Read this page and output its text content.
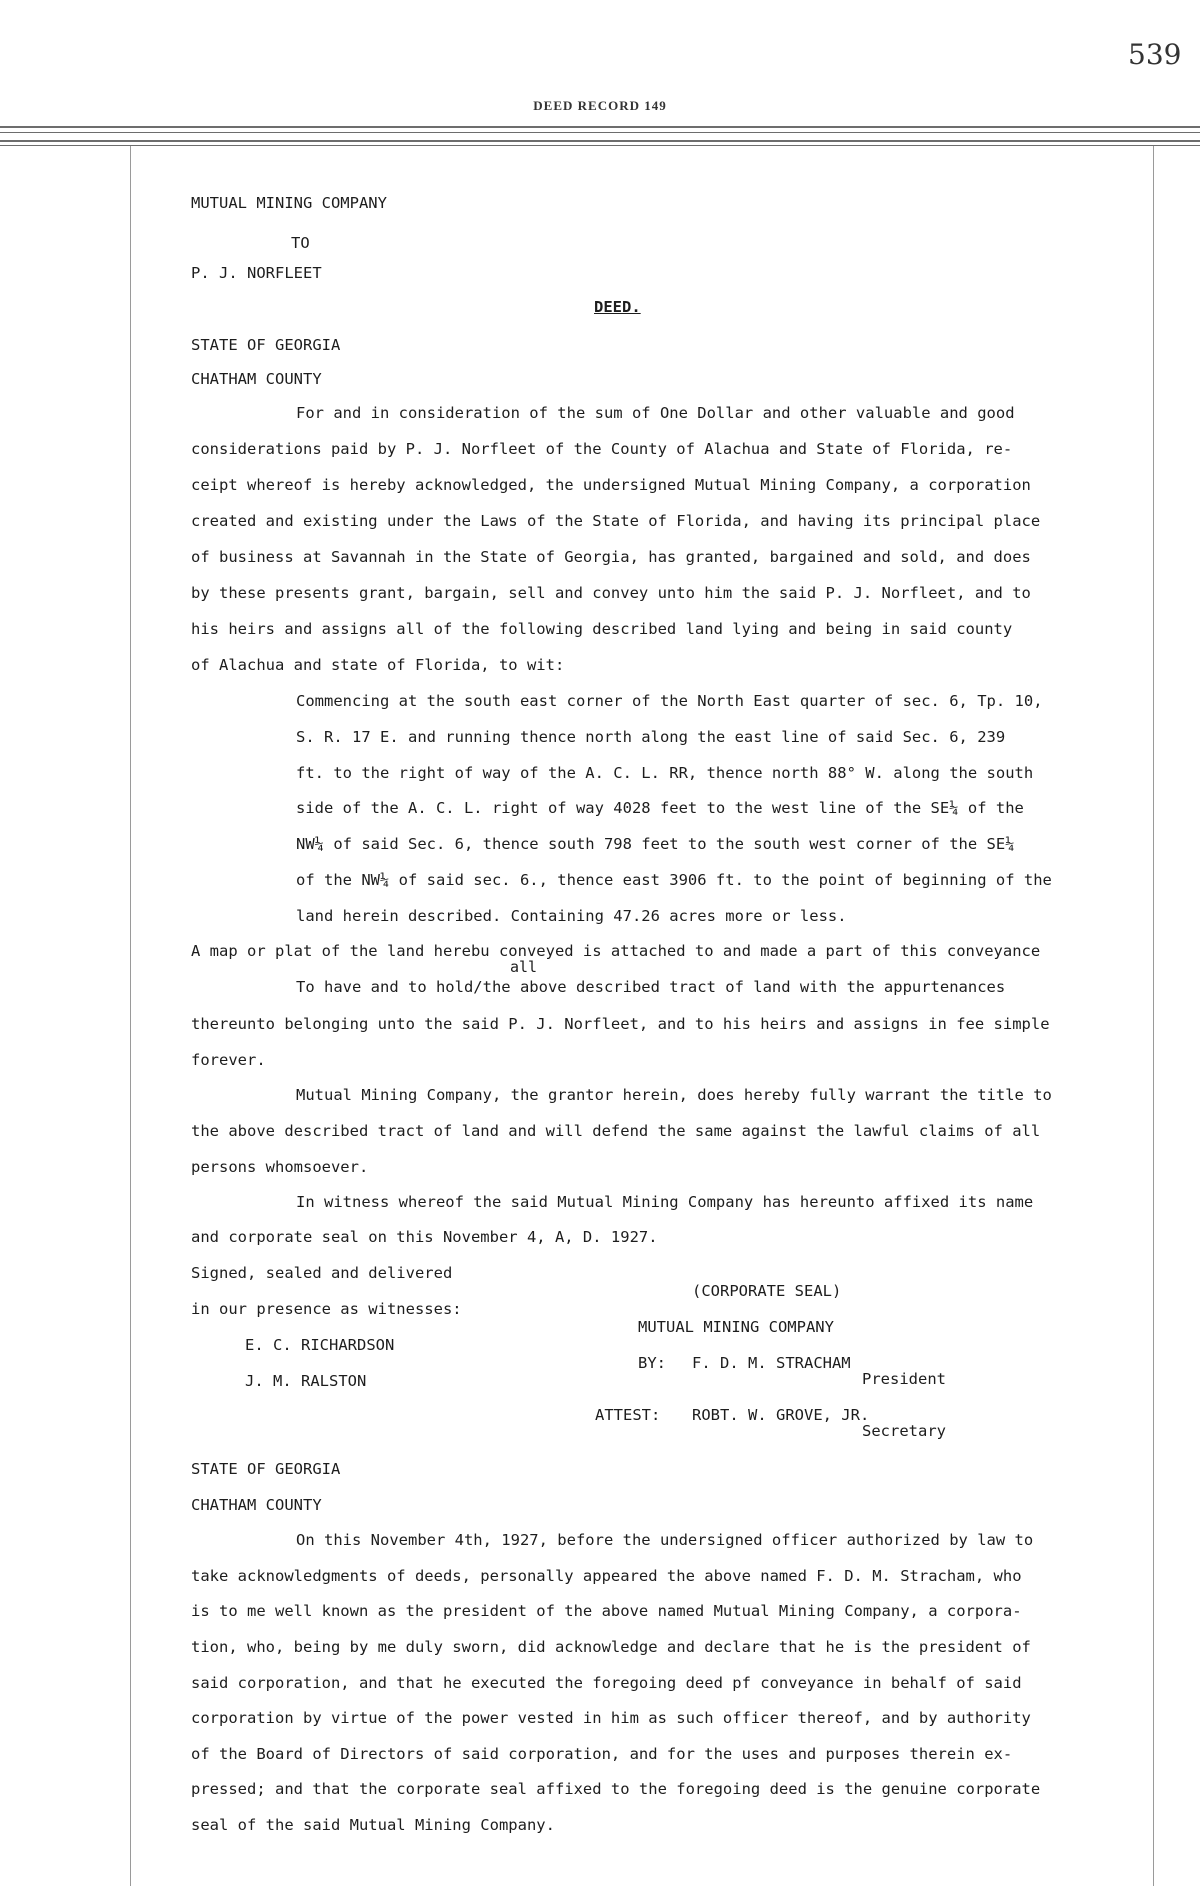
539
DEED RECORD 149
MUTUAL MINING COMPANY
TO
P. J. NORFLEET
DEED.
STATE OF GEORGIA
CHATHAM COUNTY
For and in consideration of the sum of One Dollar and other valuable and good
considerations paid by P. J. Norfleet of the County of Alachua and State of Florida, re-
ceipt whereof is hereby acknowledged, the undersigned Mutual Mining Company, a corporation
created and existing under the Laws of the State of Florida, and having its principal place
of business at Savannah in the State of Georgia, has granted, bargained and sold, and does
by these presents grant, bargain, sell and convey unto him the said P. J. Norfleet, and to
his heirs and assigns all of the following described land lying and being in said county
of Alachua and state of Florida, to wit:
Commencing at the south east corner of the North East quarter of sec. 6, Tp. 10,
S. R. 17 E. and running thence north along the east line of said Sec. 6, 239
ft. to the right of way of the A. C. L. RR, thence north 88° W. along the south
side of the A. C. L. right of way 4028 feet to the west line of the SE¼ of the
NW¼ of said Sec. 6, thence south 798 feet to the south west corner of the SE¼
of the NW¼ of said sec. 6., thence east 3906 ft. to the point of beginning of the
land herein described. Containing 47.26 acres more or less.
A map or plat of the land herebu conveyed is attached to and made a part of this conveyance
all
To have and to hold/the above described tract of land with the appurtenances
thereunto belonging unto the said P. J. Norfleet, and to his heirs and assigns in fee simple
forever.
Mutual Mining Company, the grantor herein, does hereby fully warrant the title to
the above described tract of land and will defend the same against the lawful claims of all
persons whomsoever.
In witness whereof the said Mutual Mining Company has hereunto affixed its name
and corporate seal on this November 4, A, D. 1927.
Signed, sealed and delivered
in our presence as witnesses:
E. C. RICHARDSON
J. M. RALSTON
(CORPORATE SEAL)
MUTUAL MINING COMPANY
BY: F. D. M. STRACHAM
President
ATTEST: ROBT. W. GROVE, JR.
Secretary
STATE OF GEORGIA
CHATHAM COUNTY
On this November 4th, 1927, before the undersigned officer authorized by law to
take acknowledgments of deeds, personally appeared the above named F. D. M. Stracham, who
is to me well known as the president of the above named Mutual Mining Company, a corpora-
tion, who, being by me duly sworn, did acknowledge and declare that he is the president of
said corporation, and that he executed the foregoing deed pf conveyance in behalf of said
corporation by virtue of the power vested in him as such officer thereof, and by authority
of the Board of Directors of said corporation, and for the uses and purposes therein ex-
pressed; and that the corporate seal affixed to the foregoing deed is the genuine corporate
seal of the said Mutual Mining Company.
